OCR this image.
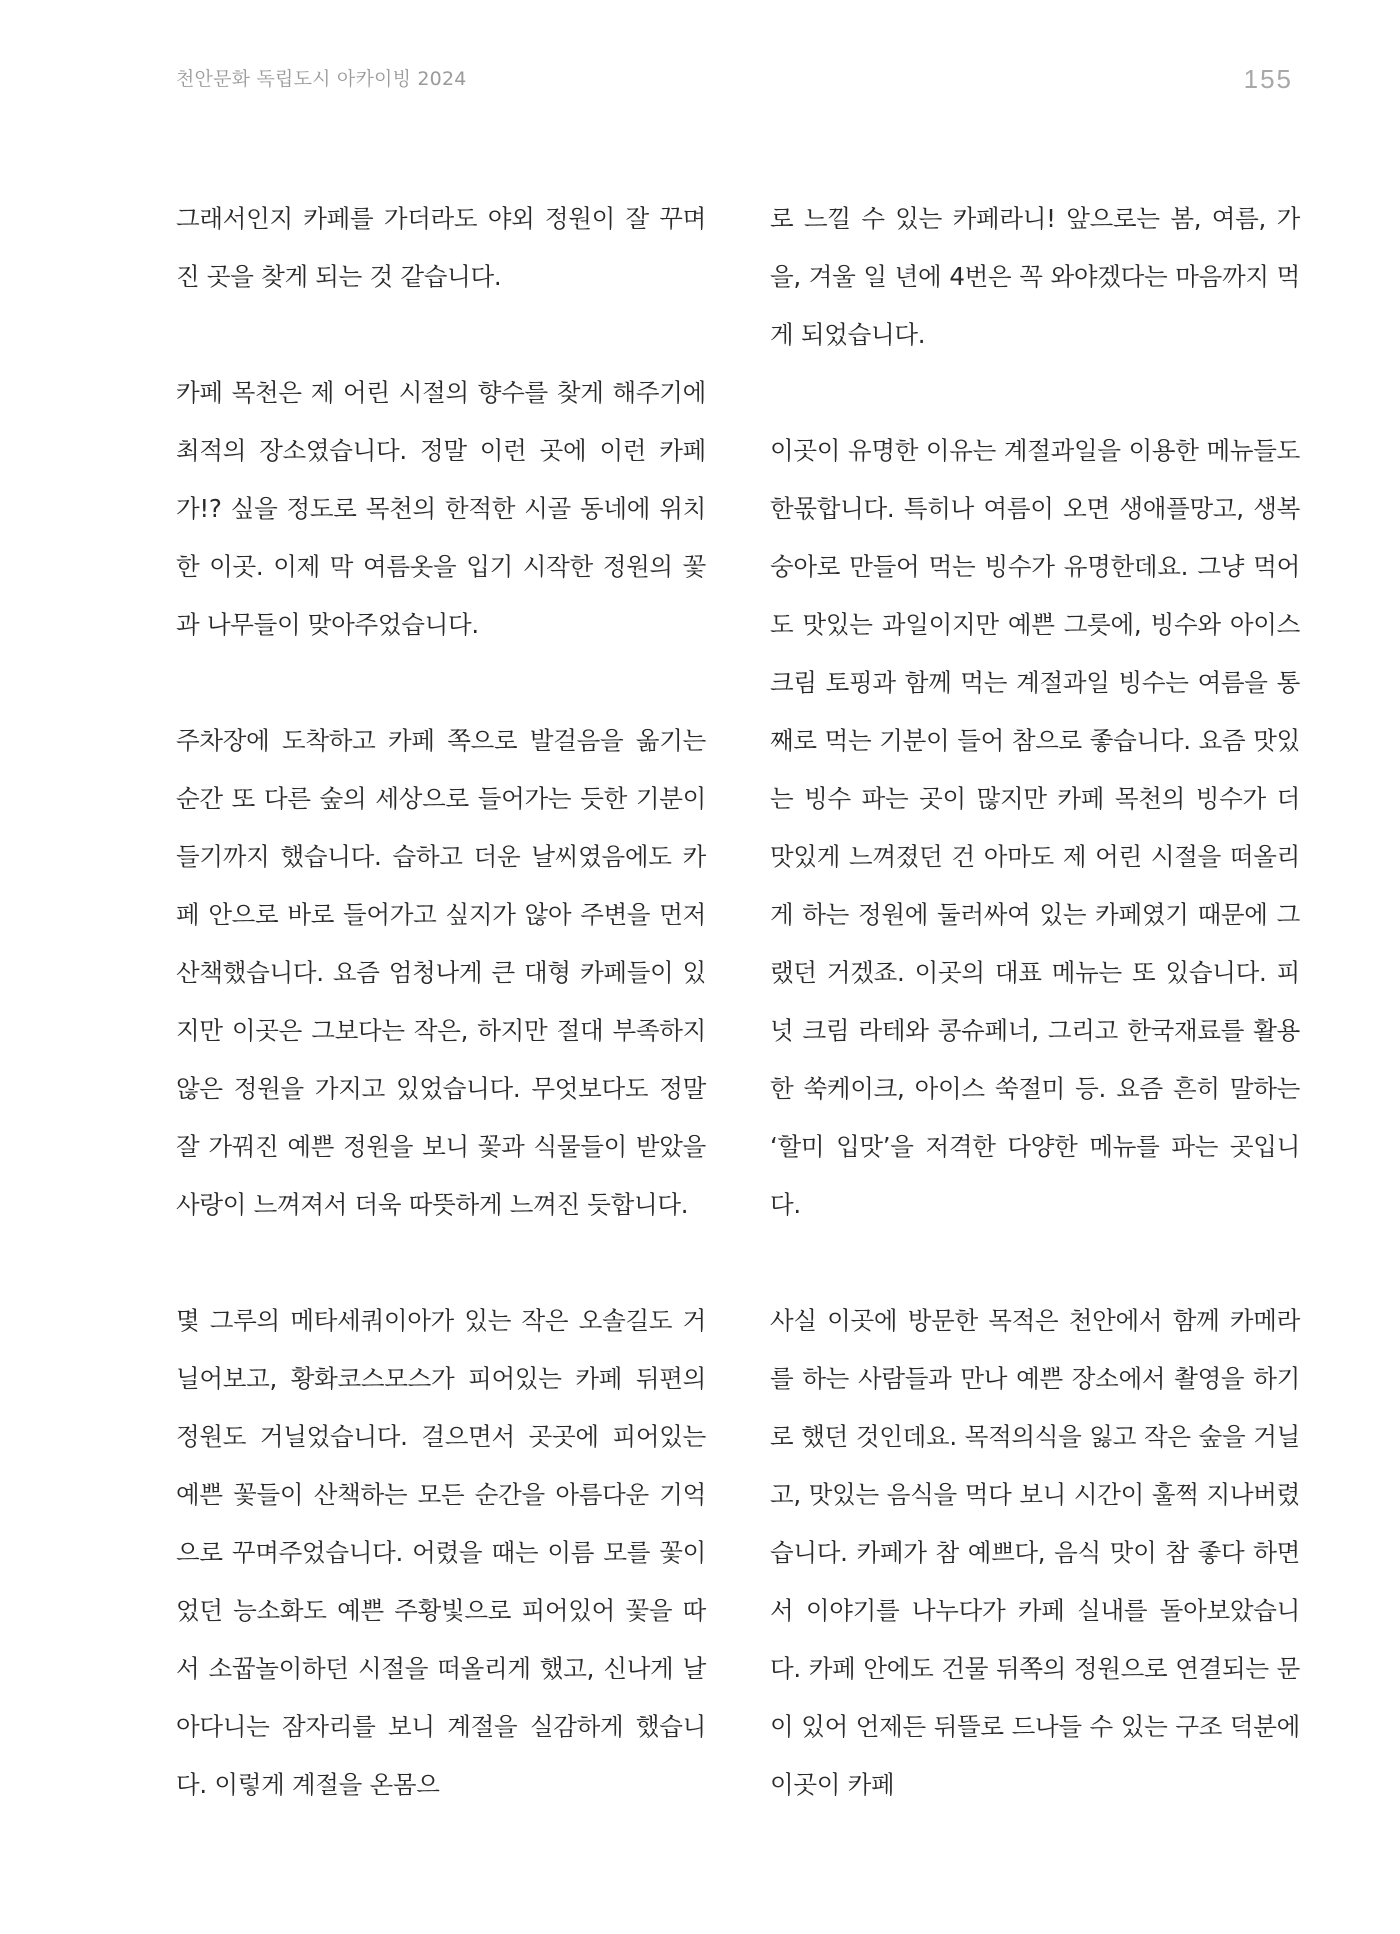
천안문화 독립도시 아카이빙 2024	155

그래서인지 카페를 가더라도 야외 정원이 잘 꾸며진 곳을 찾게 되는 것 같습니다.

카페 목천은 제 어린 시절의 향수를 찾게 해주기에 최적의 장소였습니다. 정말 이런 곳에 이런 카페가!? 싶을 정도로 목천의 한적한 시골 동네에 위치한 이곳. 이제 막 여름옷을 입기 시작한 정원의 꽃과 나무들이 맞아주었습니다.

주차장에 도착하고 카페 쪽으로 발걸음을 옮기는 순간 또 다른 숲의 세상으로 들어가는 듯한 기분이 들기까지 했습니다. 습하고 더운 날씨였음에도 카페 안으로 바로 들어가고 싶지가 않아 주변을 먼저 산책했습니다. 요즘 엄청나게 큰 대형 카페들이 있지만 이곳은 그보다는 작은, 하지만 절대 부족하지 않은 정원을 가지고 있었습니다. 무엇보다도 정말 잘 가꿔진 예쁜 정원을 보니 꽃과 식물들이 받았을 사랑이 느껴져서 더욱 따뜻하게 느껴진 듯합니다.

몇 그루의 메타세쿼이아가 있는 작은 오솔길도 거닐어보고, 황화코스모스가 피어있는 카페 뒤편의 정원도 거닐었습니다. 걸으면서 곳곳에 피어있는 예쁜 꽃들이 산책하는 모든 순간을 아름다운 기억으로 꾸며주었습니다. 어렸을 때는 이름 모를 꽃이었던 능소화도 예쁜 주황빛으로 피어있어 꽃을 따서 소꿉놀이하던 시절을 떠올리게 했고, 신나게 날아다니는 잠자리를 보니 계절을 실감하게 했습니다. 이렇게 계절을 온몸으

로 느낄 수 있는 카페라니! 앞으로는 봄, 여름, 가을, 겨울 일 년에 4번은 꼭 와야겠다는 마음까지 먹게 되었습니다.

이곳이 유명한 이유는 계절과일을 이용한 메뉴들도 한몫합니다. 특히나 여름이 오면 생애플망고, 생복숭아로 만들어 먹는 빙수가 유명한데요. 그냥 먹어도 맛있는 과일이지만 예쁜 그릇에, 빙수와 아이스크림 토핑과 함께 먹는 계절과일 빙수는 여름을 통째로 먹는 기분이 들어 참으로 좋습니다. 요즘 맛있는 빙수 파는 곳이 많지만 카페 목천의 빙수가 더 맛있게 느껴졌던 건 아마도 제 어린 시절을 떠올리게 하는 정원에 둘러싸여 있는 카페였기 때문에 그랬던 거겠죠. 이곳의 대표 메뉴는 또 있습니다. 피넛 크림 라테와 콩슈페너, 그리고 한국재료를 활용한 쑥케이크, 아이스 쑥절미 등. 요즘 흔히 말하는 ‘할미 입맛’을 저격한 다양한 메뉴를 파는 곳입니다.

사실 이곳에 방문한 목적은 천안에서 함께 카메라를 하는 사람들과 만나 예쁜 장소에서 촬영을 하기로 했던 것인데요. 목적의식을 잃고 작은 숲을 거닐고, 맛있는 음식을 먹다 보니 시간이 훌쩍 지나버렸습니다. 카페가 참 예쁘다, 음식 맛이 참 좋다 하면서 이야기를 나누다가 카페 실내를 돌아보았습니다. 카페 안에도 건물 뒤쪽의 정원으로 연결되는 문이 있어 언제든 뒤뜰로 드나들 수 있는 구조 덕분에 이곳이 카페
